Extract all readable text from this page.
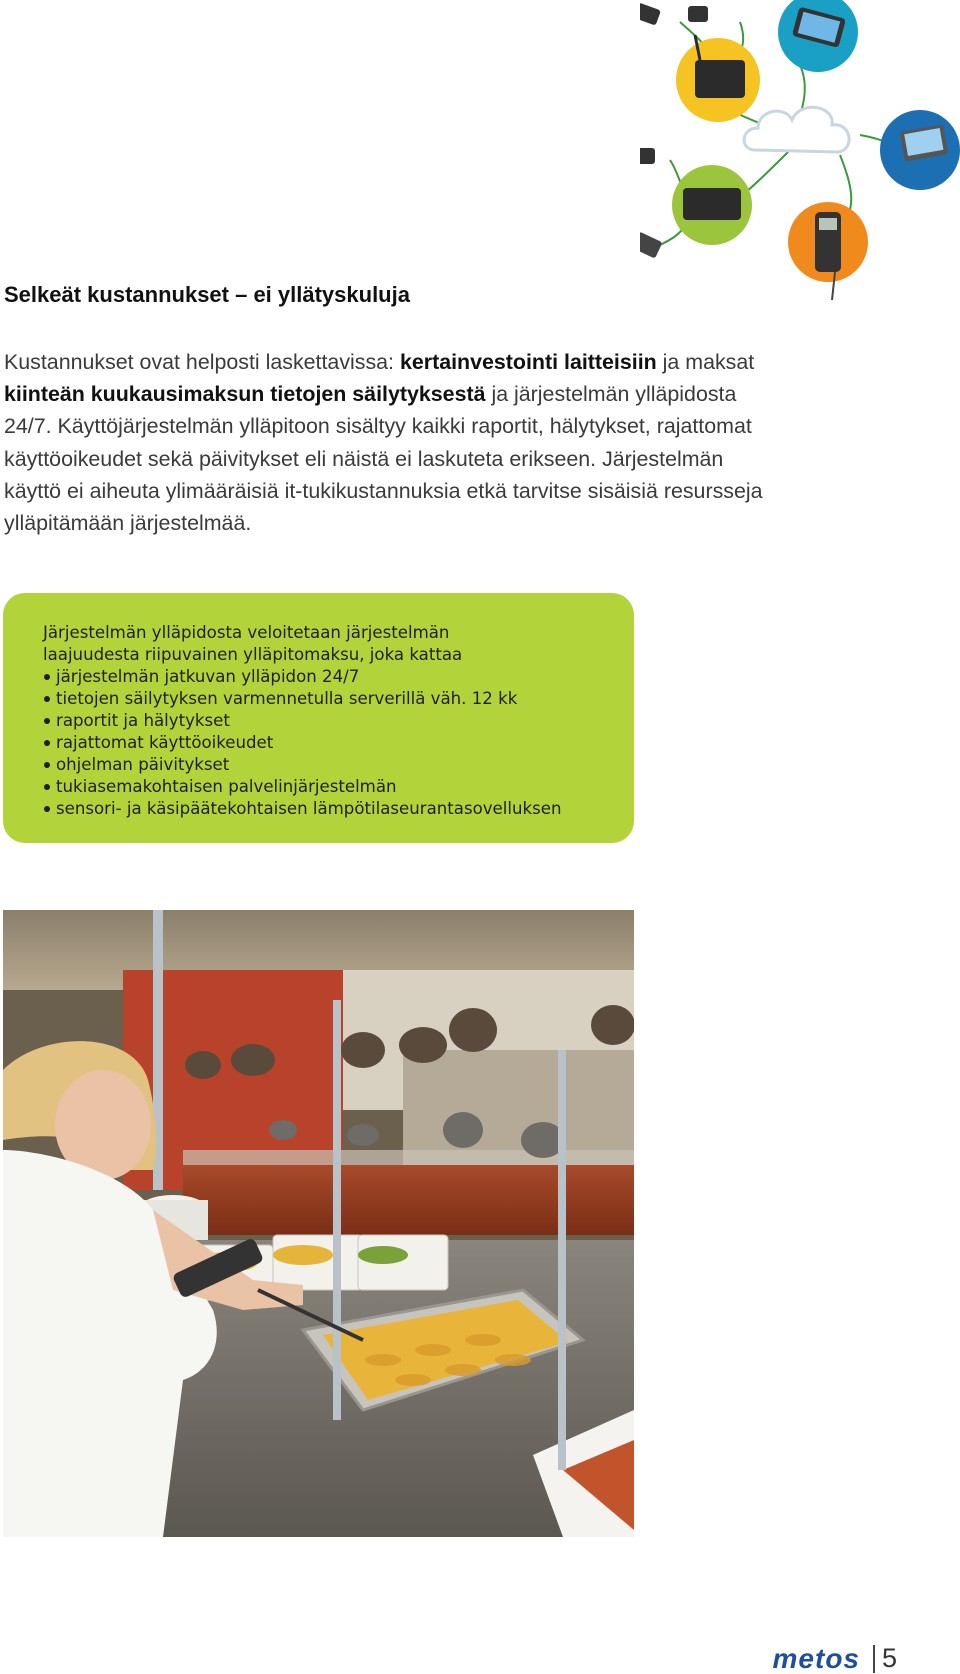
Selkeät kustannukset – ei yllätyskuluja

Kustannukset ovat helposti laskettavissa: kertainvestointi laitteisiin ja maksat kiinteän kuukausimaksun tietojen säilytyksestä ja järjestelmän ylläpidosta 24/7. Käyttöjärjestelmän ylläpitoon sisältyy kaikki raportit, hälytykset, rajattomat käyttöoikeudet sekä päivitykset eli näistä ei laskuteta erikseen. Järjestelmän käyttö ei aiheuta ylimääräisiä it-tukikustannuksia etkä tarvitse sisäisiä resursseja ylläpitämään järjestelmää.

Järjestelmän ylläpidosta veloitetaan järjestelmän
laajuudesta riipuvainen ylläpitomaksu, joka kattaa
järjestelmän jatkuvan ylläpidon 24/7
tietojen säilytyksen varmennetulla serverillä väh. 12 kk
raportit ja hälytykset
rajattomat käyttöoikeudet
ohjelman päivitykset
tukiasemakohtaisen palvelinjärjestelmän
sensori- ja käsipäätekohtaisen lämpötilaseurantasovelluksen
metos 5
